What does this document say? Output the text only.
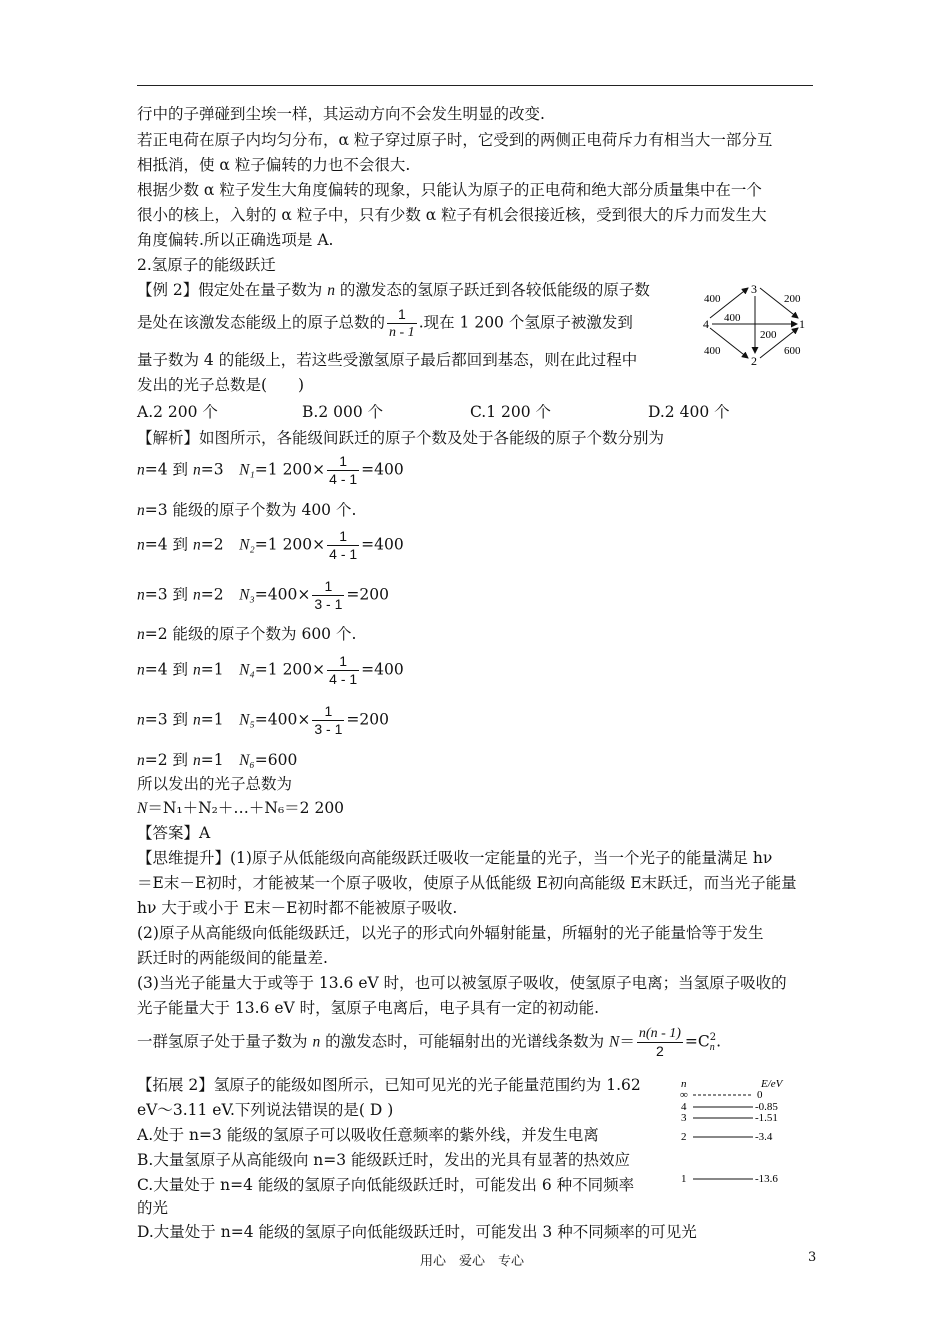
行中的子弹碰到尘埃一样，其运动方向不会发生明显的改变.
若正电荷在原子内均匀分布，α 粒子穿过原子时，它受到的两侧正电荷斥力有相当大一部分互
相抵消，使 α 粒子偏转的力也不会很大.
根据少数 α 粒子发生大角度偏转的现象，只能认为原子的正电荷和绝大部分质量集中在一个
很小的核上，入射的 α 粒子中，只有少数 α 粒子有机会很接近核，受到很大的斥力而发生大
角度偏转.所以正确选项是 A.
2.氢原子的能级跃迁
【例 2】假定处在量子数为 n 的激发态的氢原子跃迁到各较低能级的原子数
是处在该激发态能级上的原子总数的 $\frac{1}{n - 1}$ .现在 1 200 个氢原子被激发到
量子数为 4 的能级上，若这些受激氢原子最后都回到基态，则在此过程中
发出的光子总数是(　　)
A.2 200 个	B.2 000 个	C.1 200 个	D.2 400 个
3
4	1
2
400	200
400
200
400	600
【解析】如图所示，各能级间跃迁的原子个数及处于各能级的原子个数分别为
n=4 到 n=3　N₁=1 $200\times \frac{1}{4 - 1} =400$
n=3 能级的原子个数为 400 个.
n=4 到 n=2　N₂=1 $200\times \frac{1}{4 - 1} =400$
n=3 到 n=2　$N_3=400\times \frac{1}{3 - 1} =200$
n=2 能级的原子个数为 600 个.
n=4 到 n=1　N₄=1 $200\times \frac{1}{4 - 1} =400$
n=3 到 n=1　$N_5=400\times \frac{1}{3 - 1} =200$
n=2 到 n=1　N₆=600
所以发出的光子总数为
N＝N₁＋N₂＋…＋N₆＝2 200
【答案】A
【思维提升】(1)原子从低能级向高能级跃迁吸收一定能量的光子，当一个光子的能量满足 hν
＝E末－E初时，才能被某一个原子吸收，使原子从低能级 E初向高能级 E末跃迁，而当光子能量
hν 大于或小于 E末－E初时都不能被原子吸收.
(2)原子从高能级向低能级跃迁，以光子的形式向外辐射能量，所辐射的光子能量恰等于发生
跃迁时的两能级间的能量差.
(3)当光子能量大于或等于 13.6 eV 时，也可以被氢原子吸收，使氢原子电离；当氢原子吸收的
光子能量大于 13.6 eV 时，氢原子电离后，电子具有一定的初动能.
一群氢原子处于量子数为 n 的激发态时，可能辐射出的光谱线条数为 $N= \frac{n(n - 1)}{2} =C$ 2
n .
【拓展 2】氢原子的能级如图所示，已知可见光的光子能量范围约为 1.62
eV～3.11 eV.下列说法错误的是( D )
A.处于 n=3 能级的氢原子可以吸收任意频率的紫外线，并发生电离
B.大量氢原子从高能级向 n=3 能级跃迁时，发出的光具有显著的热效应
C.大量处于 n=4 能级的氢原子向低能级跃迁时，可能发出 6 种不同频率
的光
D.大量处于 n=4 能级的氢原子向低能级跃迁时，可能发出 3 种不同频率的可见光
n	E/eV
∞	0
4	-0.85
3	-1.51
2	-3.4
1	-13.6
用心　爱心　专心	3
